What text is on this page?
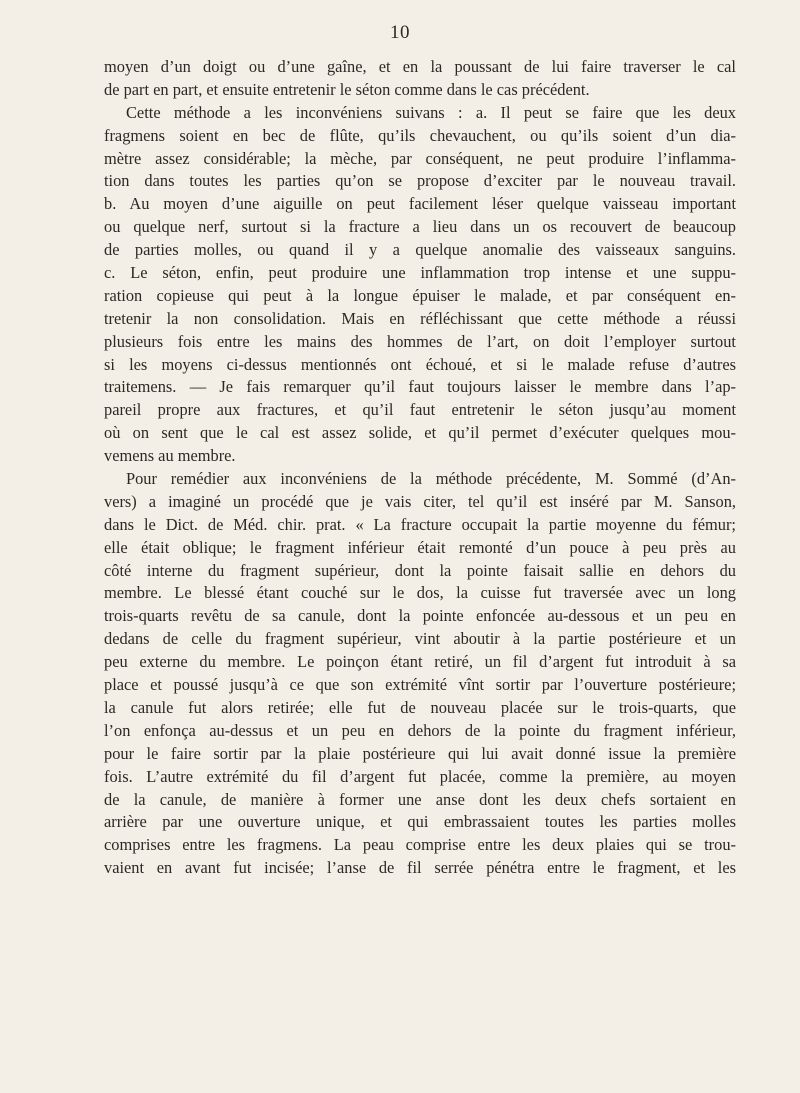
10
moyen d’un doigt ou d’une gaîne, et en la poussant de lui faire traverser le cal
de part en part, et ensuite entretenir le séton comme dans le cas précédent.
Cette méthode a les inconvéniens suivans : a. Il peut se faire que les deux
fragmens soient en bec de flûte, qu’ils chevauchent, ou qu’ils soient d’un dia-
mètre assez considérable; la mèche, par conséquent, ne peut produire l’inflamma-
tion dans toutes les parties qu’on se propose d’exciter par le nouveau travail.
b. Au moyen d’une aiguille on peut facilement léser quelque vaisseau important
ou quelque nerf, surtout si la fracture a lieu dans un os recouvert de beaucoup
de parties molles, ou quand il y a quelque anomalie des vaisseaux sanguins.
c. Le séton, enfin, peut produire une inflammation trop intense et une suppu-
ration copieuse qui peut à la longue épuiser le malade, et par conséquent en-
tretenir la non consolidation. Mais en réfléchissant que cette méthode a réussi
plusieurs fois entre les mains des hommes de l’art, on doit l’employer surtout
si les moyens ci-dessus mentionnés ont échoué, et si le malade refuse d’autres
traitemens. — Je fais remarquer qu’il faut toujours laisser le membre dans l’ap-
pareil propre aux fractures, et qu’il faut entretenir le séton jusqu’au moment
où on sent que le cal est assez solide, et qu’il permet d’exécuter quelques mou-
vemens au membre.
Pour remédier aux inconvéniens de la méthode précédente, M. Sommé (d’An-
vers) a imaginé un procédé que je vais citer, tel qu’il est inséré par M. Sanson,
dans le Dict. de Méd. chir. prat. « La fracture occupait la partie moyenne du fémur;
elle était oblique; le fragment inférieur était remonté d’un pouce à peu près au
côté interne du fragment supérieur, dont la pointe faisait sallie en dehors du
membre. Le blessé étant couché sur le dos, la cuisse fut traversée avec un long
trois-quarts revêtu de sa canule, dont la pointe enfoncée au-dessous et un peu en
dedans de celle du fragment supérieur, vint aboutir à la partie postérieure et un
peu externe du membre. Le poinçon étant retiré, un fil d’argent fut introduit à sa
place et poussé jusqu’à ce que son extrémité vînt sortir par l’ouverture postérieure;
la canule fut alors retirée; elle fut de nouveau placée sur le trois-quarts, que
l’on enfonça au-dessus et un peu en dehors de la pointe du fragment inférieur,
pour le faire sortir par la plaie postérieure qui lui avait donné issue la première
fois. L’autre extrémité du fil d’argent fut placée, comme la première, au moyen
de la canule, de manière à former une anse dont les deux chefs sortaient en
arrière par une ouverture unique, et qui embrassaient toutes les parties molles
comprises entre les fragmens. La peau comprise entre les deux plaies qui se trou-
vaient en avant fut incisée; l’anse de fil serrée pénétra entre le fragment, et les
